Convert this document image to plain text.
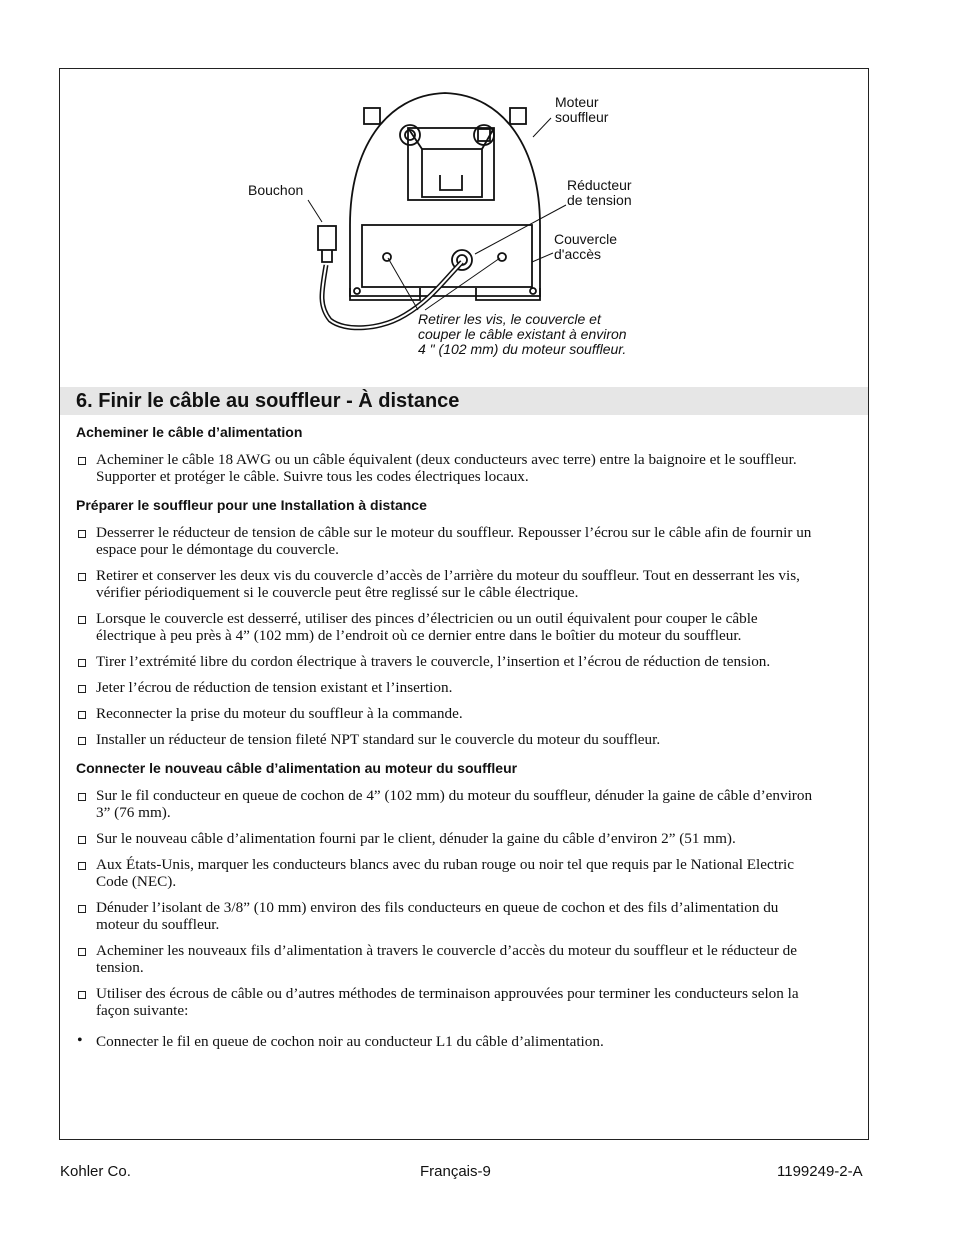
Moteur
souffleur
Réducteur
de tension
Couvercle
d'accès
Bouchon
Retirer les vis, le couvercle et
couper le câble existant à environ
4 " (102 mm) du moteur souffleur.
6. Finir le câble au souffleur - À distance
Acheminer le câble d’alimentation
Acheminer le câble 18 AWG ou un câble équivalent (deux conducteurs avec terre) entre la baignoire et le souffleur. Supporter et protéger le câble. Suivre tous les codes électriques locaux.
Préparer le souffleur pour une Installation à distance
Desserrer le réducteur de tension de câble sur le moteur du souffleur. Repousser l’écrou sur le câble afin de fournir un espace pour le démontage du couvercle.
Retirer et conserver les deux vis du couvercle d’accès de l’arrière du moteur du souffleur. Tout en desserrant les vis, vérifier périodiquement si le couvercle peut être reglissé sur le câble électrique.
Lorsque le couvercle est desserré, utiliser des pinces d’électricien ou un outil équivalent pour couper le câble électrique à peu près à 4” (102 mm) de l’endroit où ce dernier entre dans le boîtier du moteur du souffleur.
Tirer l’extrémité libre du cordon électrique à travers le couvercle, l’insertion et l’écrou de réduction de tension.
Jeter l’écrou de réduction de tension existant et l’insertion.
Reconnecter la prise du moteur du souffleur à la commande.
Installer un réducteur de tension fileté NPT standard sur le couvercle du moteur du souffleur.
Connecter le nouveau câble d’alimentation au moteur du souffleur
Sur le fil conducteur en queue de cochon de 4” (102 mm) du moteur du souffleur, dénuder la gaine de câble d’environ 3” (76 mm).
Sur le nouveau câble d’alimentation fourni par le client, dénuder la gaine du câble d’environ 2” (51 mm).
Aux États-Unis, marquer les conducteurs blancs avec du ruban rouge ou noir tel que requis par le National Electric Code (NEC).
Dénuder l’isolant de 3/8” (10 mm) environ des fils conducteurs en queue de cochon et des fils d’alimentation du moteur du souffleur.
Acheminer les nouveaux fils d’alimentation à travers le couvercle d’accès du moteur du souffleur et le réducteur de tension.
Utiliser des écrous de câble ou d’autres méthodes de terminaison approuvées pour terminer les conducteurs selon la façon suivante:
• Connecter le fil en queue de cochon noir au conducteur L1 du câble d’alimentation.
Kohler Co.	Français-9	1199249-2-A
